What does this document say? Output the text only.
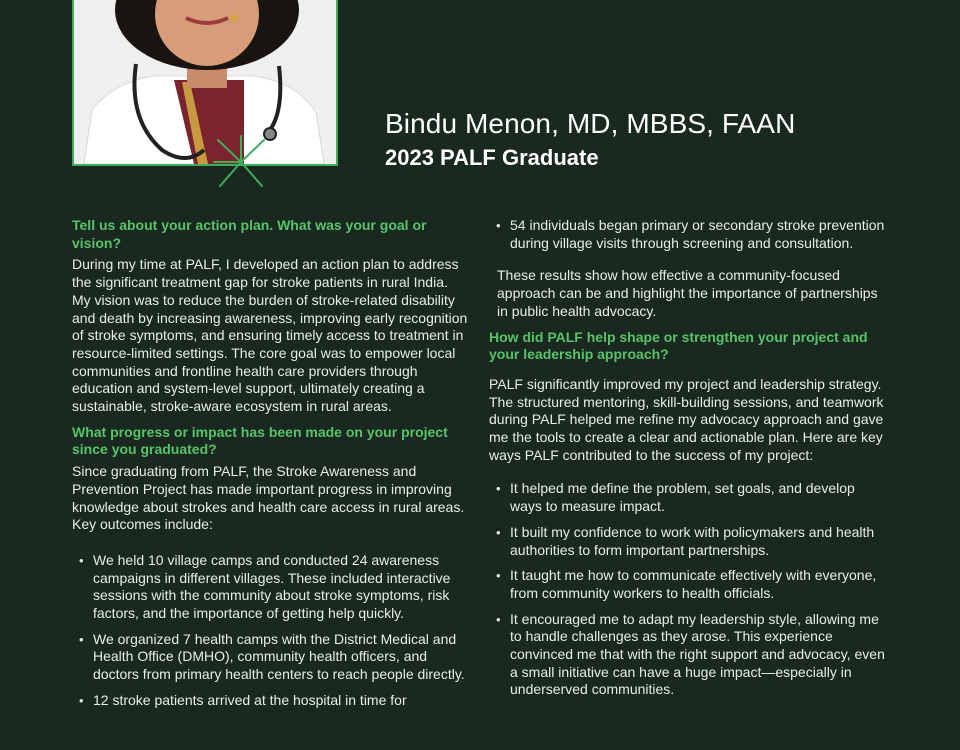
Bindu Menon, MD, MBBS, FAAN
2023 PALF Graduate

Tell us about your action plan. What was your goal or vision?

During my time at PALF, I developed an action plan to address the significant treatment gap for stroke patients in rural India. My vision was to reduce the burden of stroke-related disability and death by increasing awareness, improving early recognition of stroke symptoms, and ensuring timely access to treatment in resource-limited settings. The core goal was to empower local communities and frontline health care providers through education and system-level support, ultimately creating a sustainable, stroke-aware ecosystem in rural areas.

What progress or impact has been made on your project since you graduated?

Since graduating from PALF, the Stroke Awareness and Prevention Project has made important progress in improving knowledge about strokes and health care access in rural areas. Key outcomes include:

• We held 10 village camps and conducted 24 awareness campaigns in different villages. These included interactive sessions with the community about stroke symptoms, risk factors, and the importance of getting help quickly.
• We organized 7 health camps with the District Medical and Health Office (DMHO), community health officers, and doctors from primary health centers to reach people directly.
• 12 stroke patients arrived at the hospital in time for
• 54 individuals began primary or secondary stroke prevention during village visits through screening and consultation.

These results show how effective a community-focused approach can be and highlight the importance of partnerships in public health advocacy.

How did PALF help shape or strengthen your project and your leadership approach?

PALF significantly improved my project and leadership strategy. The structured mentoring, skill-building sessions, and teamwork during PALF helped me refine my advocacy approach and gave me the tools to create a clear and actionable plan. Here are key ways PALF contributed to the success of my project:

• It helped me define the problem, set goals, and develop ways to measure impact.
• It built my confidence to work with policymakers and health authorities to form important partnerships.
• It taught me how to communicate effectively with everyone, from community workers to health officials.
• It encouraged me to adapt my leadership style, allowing me to handle challenges as they arose. This experience convinced me that with the right support and advocacy, even a small initiative can have a huge impact—especially in underserved communities.
